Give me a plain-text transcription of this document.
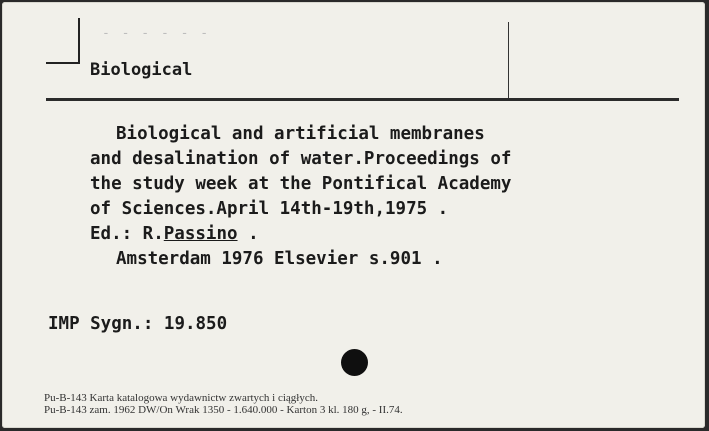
- - - - - -
Biological
Biological and artificial membranes
and desalination of water.Proceedings of
the study week at the Pontifical Academy
of Sciences.April 14th-19th,1975 .
Ed.: R.Passino .
Amsterdam 1976 Elsevier s.901 .
IMP Sygn.: 19.850
Pu-B-143 Karta katalogowa wydawnictw zwartych i ciągłych.
Pu-B-143 zam. 1962 DW/On Wrak 1350 - 1.640.000 - Karton 3 kl. 180 g, - II.74.
